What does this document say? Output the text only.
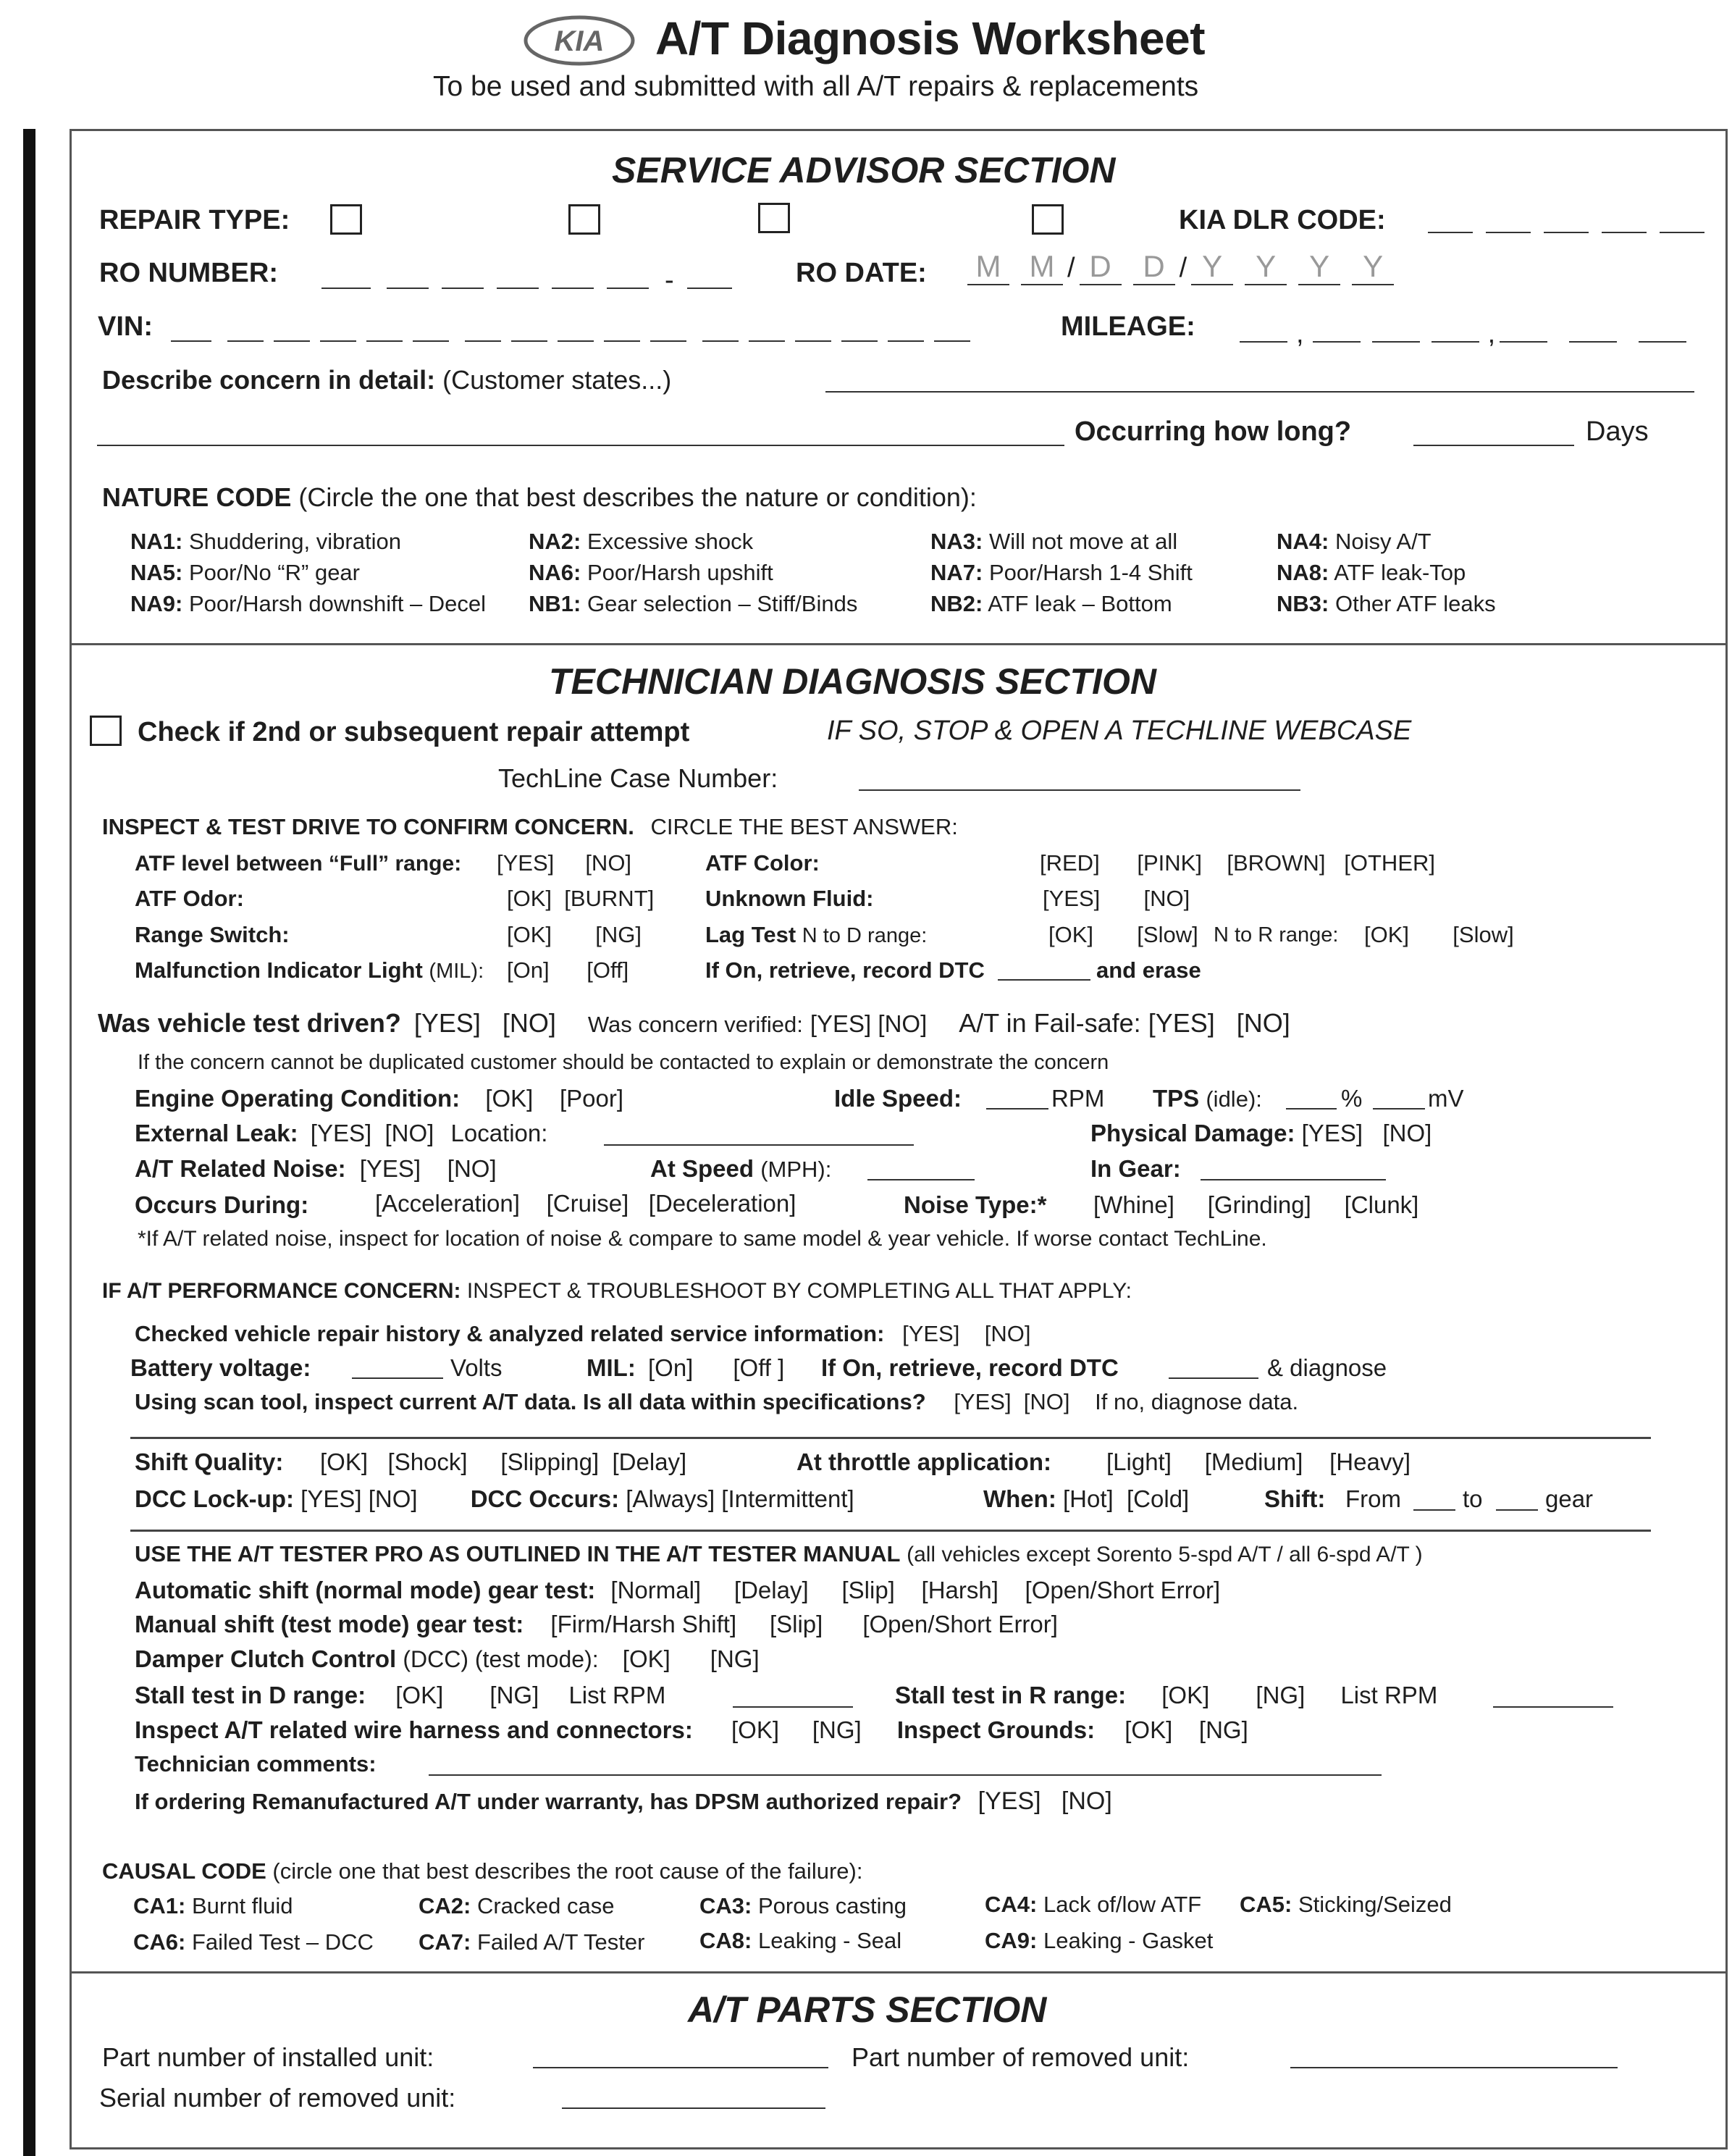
KIA A/T Diagnosis Worksheet
To be used and submitted with all A/T repairs & replacements
SERVICE ADVISOR SECTION
REPAIR TYPE:	KIA DLR CODE:
RO NUMBER:	-	RO DATE: M M / D D / Y Y Y Y
VIN:	MILEAGE:	,	,
Describe concern in detail: (Customer states...)
Occurring how long?	Days
NATURE CODE (Circle the one that best describes the nature or condition):
NA1: Shuddering, vibration	NA2: Excessive shock	NA3: Will not move at all	NA4: Noisy A/T
NA5: Poor/No “R” gear	NA6: Poor/Harsh upshift	NA7: Poor/Harsh 1-4 Shift	NA8: ATF leak-Top
NA9: Poor/Harsh downshift – Decel NB1: Gear selection – Stiff/Binds	NB2: ATF leak – Bottom	NB3: Other ATF leaks
TECHNICIAN DIAGNOSIS SECTION
Check if 2nd or subsequent repair attempt	IF SO, STOP & OPEN A TECHLINE WEBCASE
TechLine Case Number:
INSPECT & TEST DRIVE TO CONFIRM CONCERN. CIRCLE THE BEST ANSWER:
ATF level between “Full” range: [YES]     [NO]	ATF Color:	[RED]      [PINK]    [BROWN]   [OTHER]
ATF Odor:	[OK]  [BURNT] Unknown Fluid:	[YES]       [NO]
Range Switch:	[OK]       [NG]	Lag Test N to D range:	[OK]       [Slow] N to R range: [OK]       [Slow]
Malfunction Indicator Light (MIL): [On]      [Off]	If On, retrieve, record DTC	and erase
Was vehicle test driven? [YES]   [NO] Was concern verified: [YES] [NO] A/T in Fail-safe: [YES]   [NO]
If the concern cannot be duplicated customer should be contacted to explain or demonstrate the concern
Engine Operating Condition: [OK]    [Poor]	Idle Speed:	RPM TPS (idle):	%	mV
External Leak: [YES]  [NO] Location:	Physical Damage: [YES]   [NO]
A/T Related Noise: [YES]    [NO]	At Speed (MPH):	In Gear:
Occurs During:	[Acceleration]    [Cruise]   [Deceleration]	Noise Type:* [Whine]     [Grinding]     [Clunk]
*If A/T related noise, inspect for location of noise & compare to same model & year vehicle. If worse contact TechLine.
IF A/T PERFORMANCE CONCERN: INSPECT & TROUBLESHOOT BY COMPLETING ALL THAT APPLY:
Checked vehicle repair history & analyzed related service information: [YES]    [NO]
Battery voltage:	Volts	MIL: [On]      [Off ] If On, retrieve, record DTC	& diagnose
Using scan tool, inspect current A/T data. Is all data within specifications? [YES]  [NO] If no, diagnose data.
Shift Quality: [OK]   [Shock]     [Slipping]  [Delay]	At throttle application: [Light]     [Medium]    [Heavy]
DCC Lock-up: [YES] [NO] DCC Occurs: [Always] [Intermittent]	When: [Hot]  [Cold]	Shift: From	to	gear
USE THE A/T TESTER PRO AS OUTLINED IN THE A/T TESTER MANUAL (all vehicles except Sorento 5-spd A/T / all 6-spd A/T )
Automatic shift (normal mode) gear test: [Normal]     [Delay]     [Slip]    [Harsh]    [Open/Short Error]
Manual shift (test mode) gear test: [Firm/Harsh Shift]     [Slip]      [Open/Short Error]
Damper Clutch Control (DCC) (test mode): [OK]      [NG]
Stall test in D range: [OK]       [NG] List RPM	Stall test in R range: [OK]       [NG] List RPM
Inspect A/T related wire harness and connectors: [OK]     [NG] Inspect Grounds: [OK]    [NG]
Technician comments:
If ordering Remanufactured A/T under warranty, has DPSM authorized repair? [YES]   [NO]
CAUSAL CODE (circle one that best describes the root cause of the failure):
CA1: Burnt fluid	CA2: Cracked case	CA3: Porous casting	CA4: Lack of/low ATF CA5: Sticking/Seized
CA6: Failed Test – DCC CA7: Failed A/T Tester CA8: Leaking - Seal	CA9: Leaking - Gasket
A/T PARTS SECTION
Part number of installed unit:	Part number of removed unit:
Serial number of removed unit:
